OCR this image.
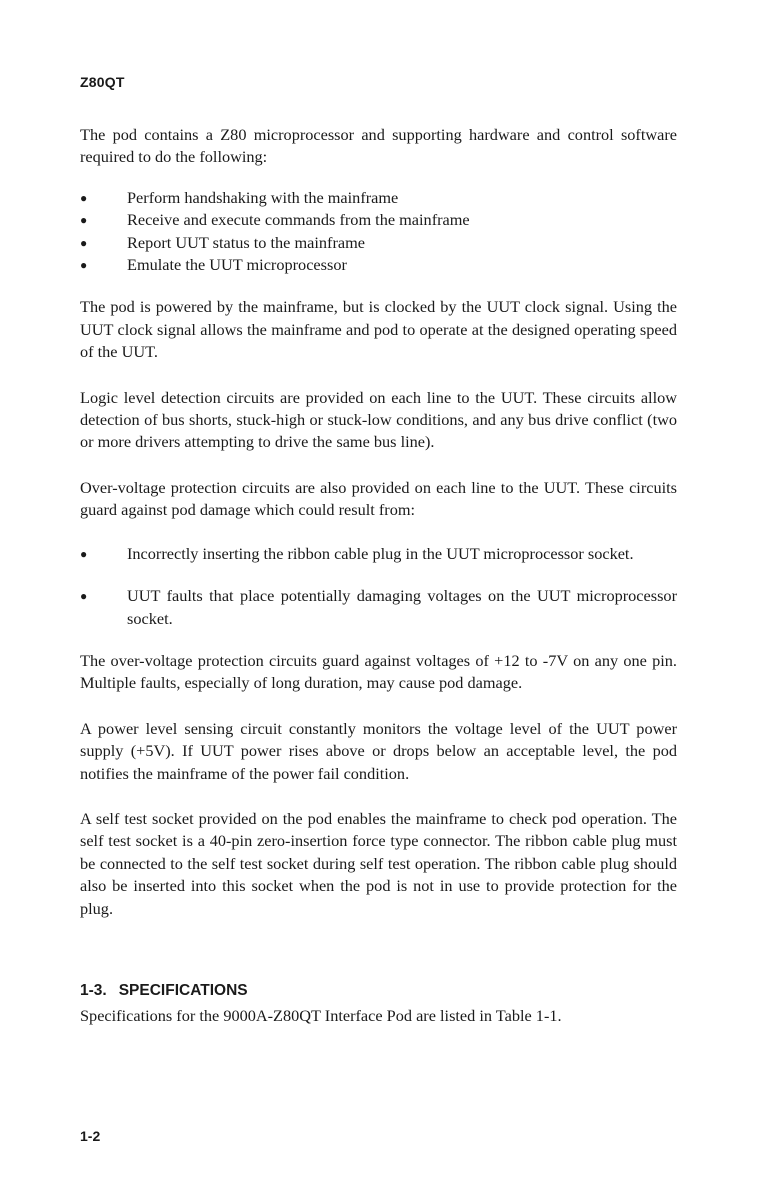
Z80QT

The pod contains a Z80 microprocessor and supporting hardware and control software required to do the following:

● Perform handshaking with the mainframe
● Receive and execute commands from the mainframe
● Report UUT status to the mainframe
● Emulate the UUT microprocessor

The pod is powered by the mainframe, but is clocked by the UUT clock signal. Using the UUT clock signal allows the mainframe and pod to operate at the designed operating speed of the UUT.

Logic level detection circuits are provided on each line to the UUT. These circuits allow detection of bus shorts, stuck-high or stuck-low conditions, and any bus drive conflict (two or more drivers attempting to drive the same bus line).

Over-voltage protection circuits are also provided on each line to the UUT. These circuits guard against pod damage which could result from:

● Incorrectly inserting the ribbon cable plug in the UUT microprocessor socket.
● UUT faults that place potentially damaging voltages on the UUT microprocessor socket.

The over-voltage protection circuits guard against voltages of +12 to -7V on any one pin. Multiple faults, especially of long duration, may cause pod damage.

A power level sensing circuit constantly monitors the voltage level of the UUT power supply (+5V). If UUT power rises above or drops below an acceptable level, the pod notifies the mainframe of the power fail condition.

A self test socket provided on the pod enables the mainframe to check pod operation. The self test socket is a 40-pin zero-insertion force type connector. The ribbon cable plug must be connected to the self test socket during self test operation. The ribbon cable plug should also be inserted into this socket when the pod is not in use to provide protection for the plug.

1-3. SPECIFICATIONS
Specifications for the 9000A-Z80QT Interface Pod are listed in Table 1-1.
1-2
